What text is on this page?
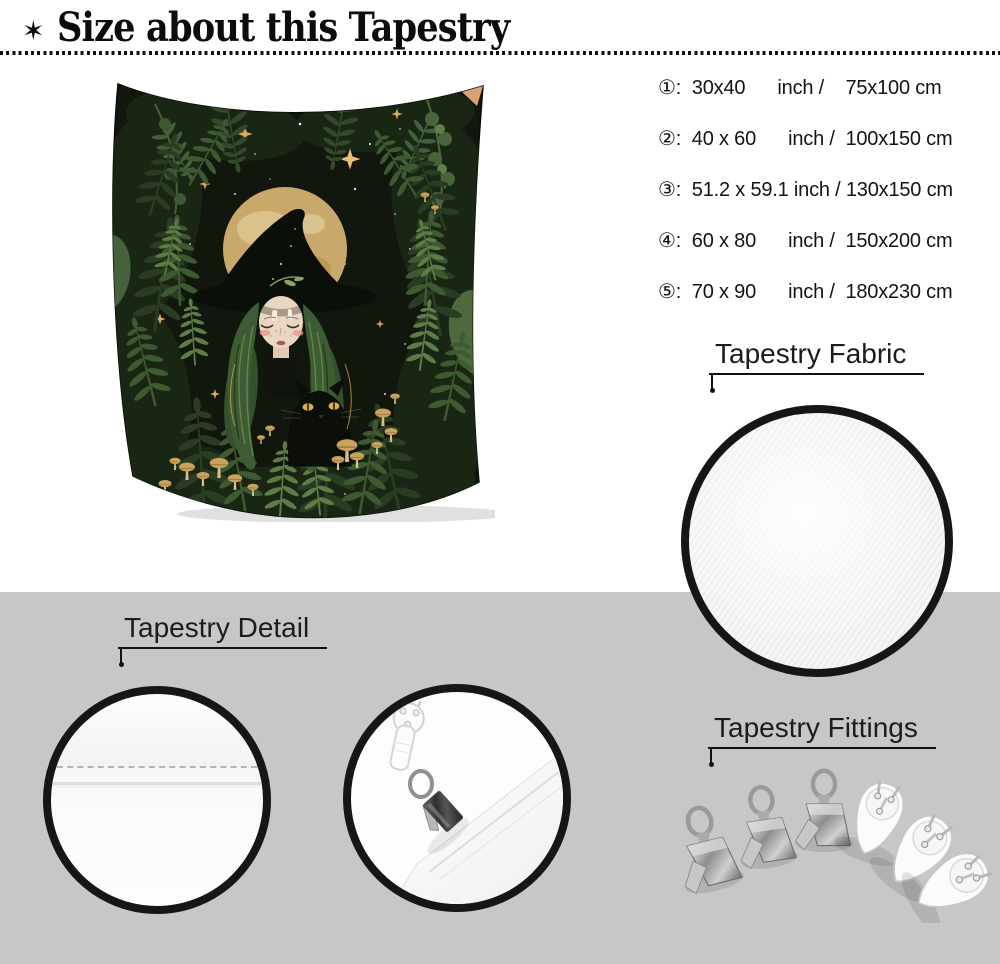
✶ Size about this Tapestry
①:  30x40      inch /    75x100 cm
②:  40 x 60      inch /  100x150 cm
③:  51.2 x 59.1 inch / 130x150 cm
④:  60 x 80      inch /  150x200 cm
⑤:  70 x 90      inch /  180x230 cm
Tapestry Fabric
Tapestry Detail
Tapestry Fittings
